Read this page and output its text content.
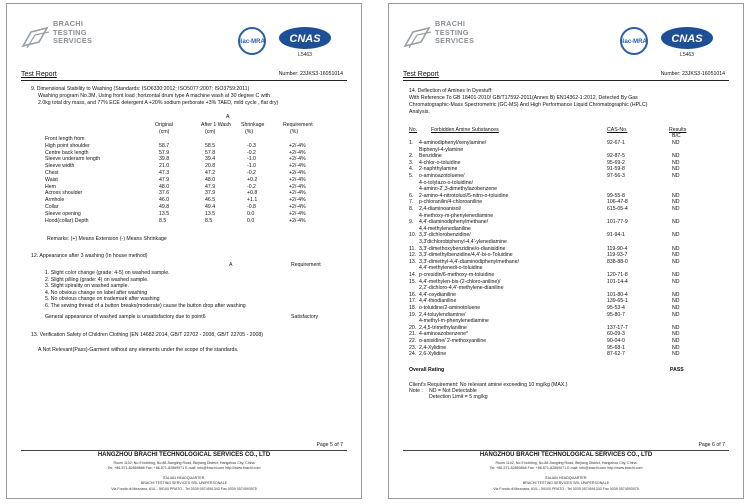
BRACHI
TESTING
SERVICES	ilac-MRA CNAS
L5463
Test Report	Number: 23JKS3-16051014
9. Dimensional Stability to Washing (Standards: ISO6330:2012; ISO5077:2007; ISO3759:2011)
Washing program No.3M, Using front load ;horizontal drum type A machine wash at 30 degree C with
2.0kg total dry mass, and 77% ECE detergent A +20% sodium perborate +3% TAED, mild cycle , flat dry)
A
Original	After 1 Wash Shrinkage	Requirement
(cm)	(cm)	(%)	(%)
Front length from
High point shoulder	58.7	58.5	-0.3	+2/-4%
Centre back length	57.9	57.8	-0.2	+2/-4%
Sleeve underarm length	39.8	39.4	-1.0	+2/-4%
Sleeve width	21.0	20.8	-1.0	+2/-4%
Chest	47.3	47.2	-0.2	+2/-4%
Waist	47.9	48.0	+0.2	+2/-4%
Hem	48.0	47.9	-0.2	+2/-4%
Across shoulder	37.6	37.9	+0.8	+2/-4%
Armhole	46.0	46.5	+1.1	+2/-4%
Collar	49.8	49.4	-0.8	+2/-4%
Sleeve opening	13.5	13.5	0.0	+2/-4%
Hood(collar) Depth	8.5	8.5	0.0	+2/-4%
Remarks: (+) Means Extension (-) Means Shrinkage
12. Appearance after 3 washing (In house method)
A	Requirement
1. Slight color change (grade: 4-5) on washed sample.
2. Slight pilling (grade: 4) on washed sample.
3. Slight spirality on washed sample.
4. No obvious change on label after washing
5. No obvious change on trademark after washing
6. The sewing thread of a button breaks(moderate) cause the button drop after washing
General appearance of washed sample is unsatisfactory due to point6	Satisfactory
13. Verification Safety of Children Clothing (EN 14682:2014, GB/T 22702 - 2008, GB/T 22705 - 2008)
A Not Relevant(Pass)-Garment without any elements under the scope of the standards.
Page 5 of 7
HANGZHOU BRACHI TECHNOLOGICAL SERVICES CO., LTD
Room 1102, No.9 building, No.88 Jiangling Road, Binjiang District, Hangzhou City, China
Tel: +86-571-82869868 Fax: +86-571-82869971 E-mail: info@brachi.com http://www.brachi.com
ITALIAN HEADQUARTER:
BRACHI TESTING SERVICES SRL UNIPERSONALE
Via Fonda di Mezzana, 61/L - 59100 PRATO - Tel 0039 0574591343 Fax 0039 0574593975
BRACHI
TESTING
SERVICES	ilac-MRA CNAS
L5463
Test Report	Number: 23JKS3-16051014
14. Deflection of Amines In Dyestuff:
With Reference To GB 18401-2010/ GB/T17592-2011(Annex B) EN14362-1:2012, Detected By Gas
Chromatographic-Mass Spectrometric (GC-MS) And High Performance Liquid Chromatographic (HPLC)
Analysis.
No.	Forbidden Amine Substances	CAS-No.	Results
B/C
1. 4-aminodiphenyl/xenylamine/	92-67-1	ND
Biphenyl-4-ylamine
2. Benzidine	92-87-5	ND
3. 4-chlor-o-toluidine	95-69-2	ND
4. 2-naphthylamine	91-59-8	ND
5. o-aminoazotoluene/	97-56-3	ND
4-o-tolylazo-o-toluidine/
4-amino-2',3-dimethylazobenzene
6. 2-amino-4-nitrotoluol/5-nitro-o-toluidine	99-55-8	ND
7. p-chloranilin/4-chloroaniline	106-47-8	ND
8. 2,4-diaminoanisol/	615-05-4	ND
4-methoxy-m-phenylenediamine
9. 4,4'-diaminodiphenylmethane/	101-77-9	ND
4,4-methylenedianiline
10. 3,3'-dichlorobenzidine/	91-94-1	ND
3,3'dichlorobiphenyl-4,4'-ylenediamine
11. 3,3'-dimethoxybenzidine/o-dianisidine	119-90-4	ND
12. 3,3'-dimethylbenzidine/4,4'-bi-o-Toluidine	119-93-7	ND
13. 3,3'-dimethyl-4,4'-diaminodiphenylmethane/	838-88-0	ND
4,4'-methylenedi-o-toluidine
14. p-cresidin/6-methoxy-m-toluidine	120-71-8	ND
15. 4,4'-methylen-bis-(2-chloro-aniline)/	101-14-4	ND
2,2'-dichloro-4,4'-methylene-dianiline
16. 4,4'-oxydianiline	101-80-4	ND
17. 4,4'-thiodianiline	139-65-1	ND
18. o-toluidine/2-aminotoluene	95-53-4	ND
19. 2,4-toluylendiamine/	95-80-7	ND
4-methyl-m-phenylenediamine
20. 2,4,5-trimethylaniline	137-17-7	ND
21. 4-aminoazobenzene*	60-09-3	ND
22. o-anisidine/ 2-methoxyaniline	90-04-0	ND
23. 2,4-Xylidine	95-68-1	ND
24. 2,6-Xylidine	87-62-7	ND
Overall Rating	PASS
Client's Requirement: No relevant amine exceeding 10 mg/kg (MAX.)
Note : ND = Not Detectable
Detection Limit = 5 mg/kg
Page 6 of 7
HANGZHOU BRACHI TECHNOLOGICAL SERVICES CO., LTD
Room 1102, No.9 building, No.88 Jiangling Road, Binjiang District, Hangzhou City, China
Tel: +86-571-82869868 Fax: +86-571-82869971 E-mail: info@brachi.com http://www.brachi.com
ITALIAN HEADQUARTER:
BRACHI TESTING SERVICES SRL UNIPERSONALE
Via Fonda di Mezzana, 61/L - 59100 PRATO - Tel 0039 0574591343 Fax 0039 0574593975
